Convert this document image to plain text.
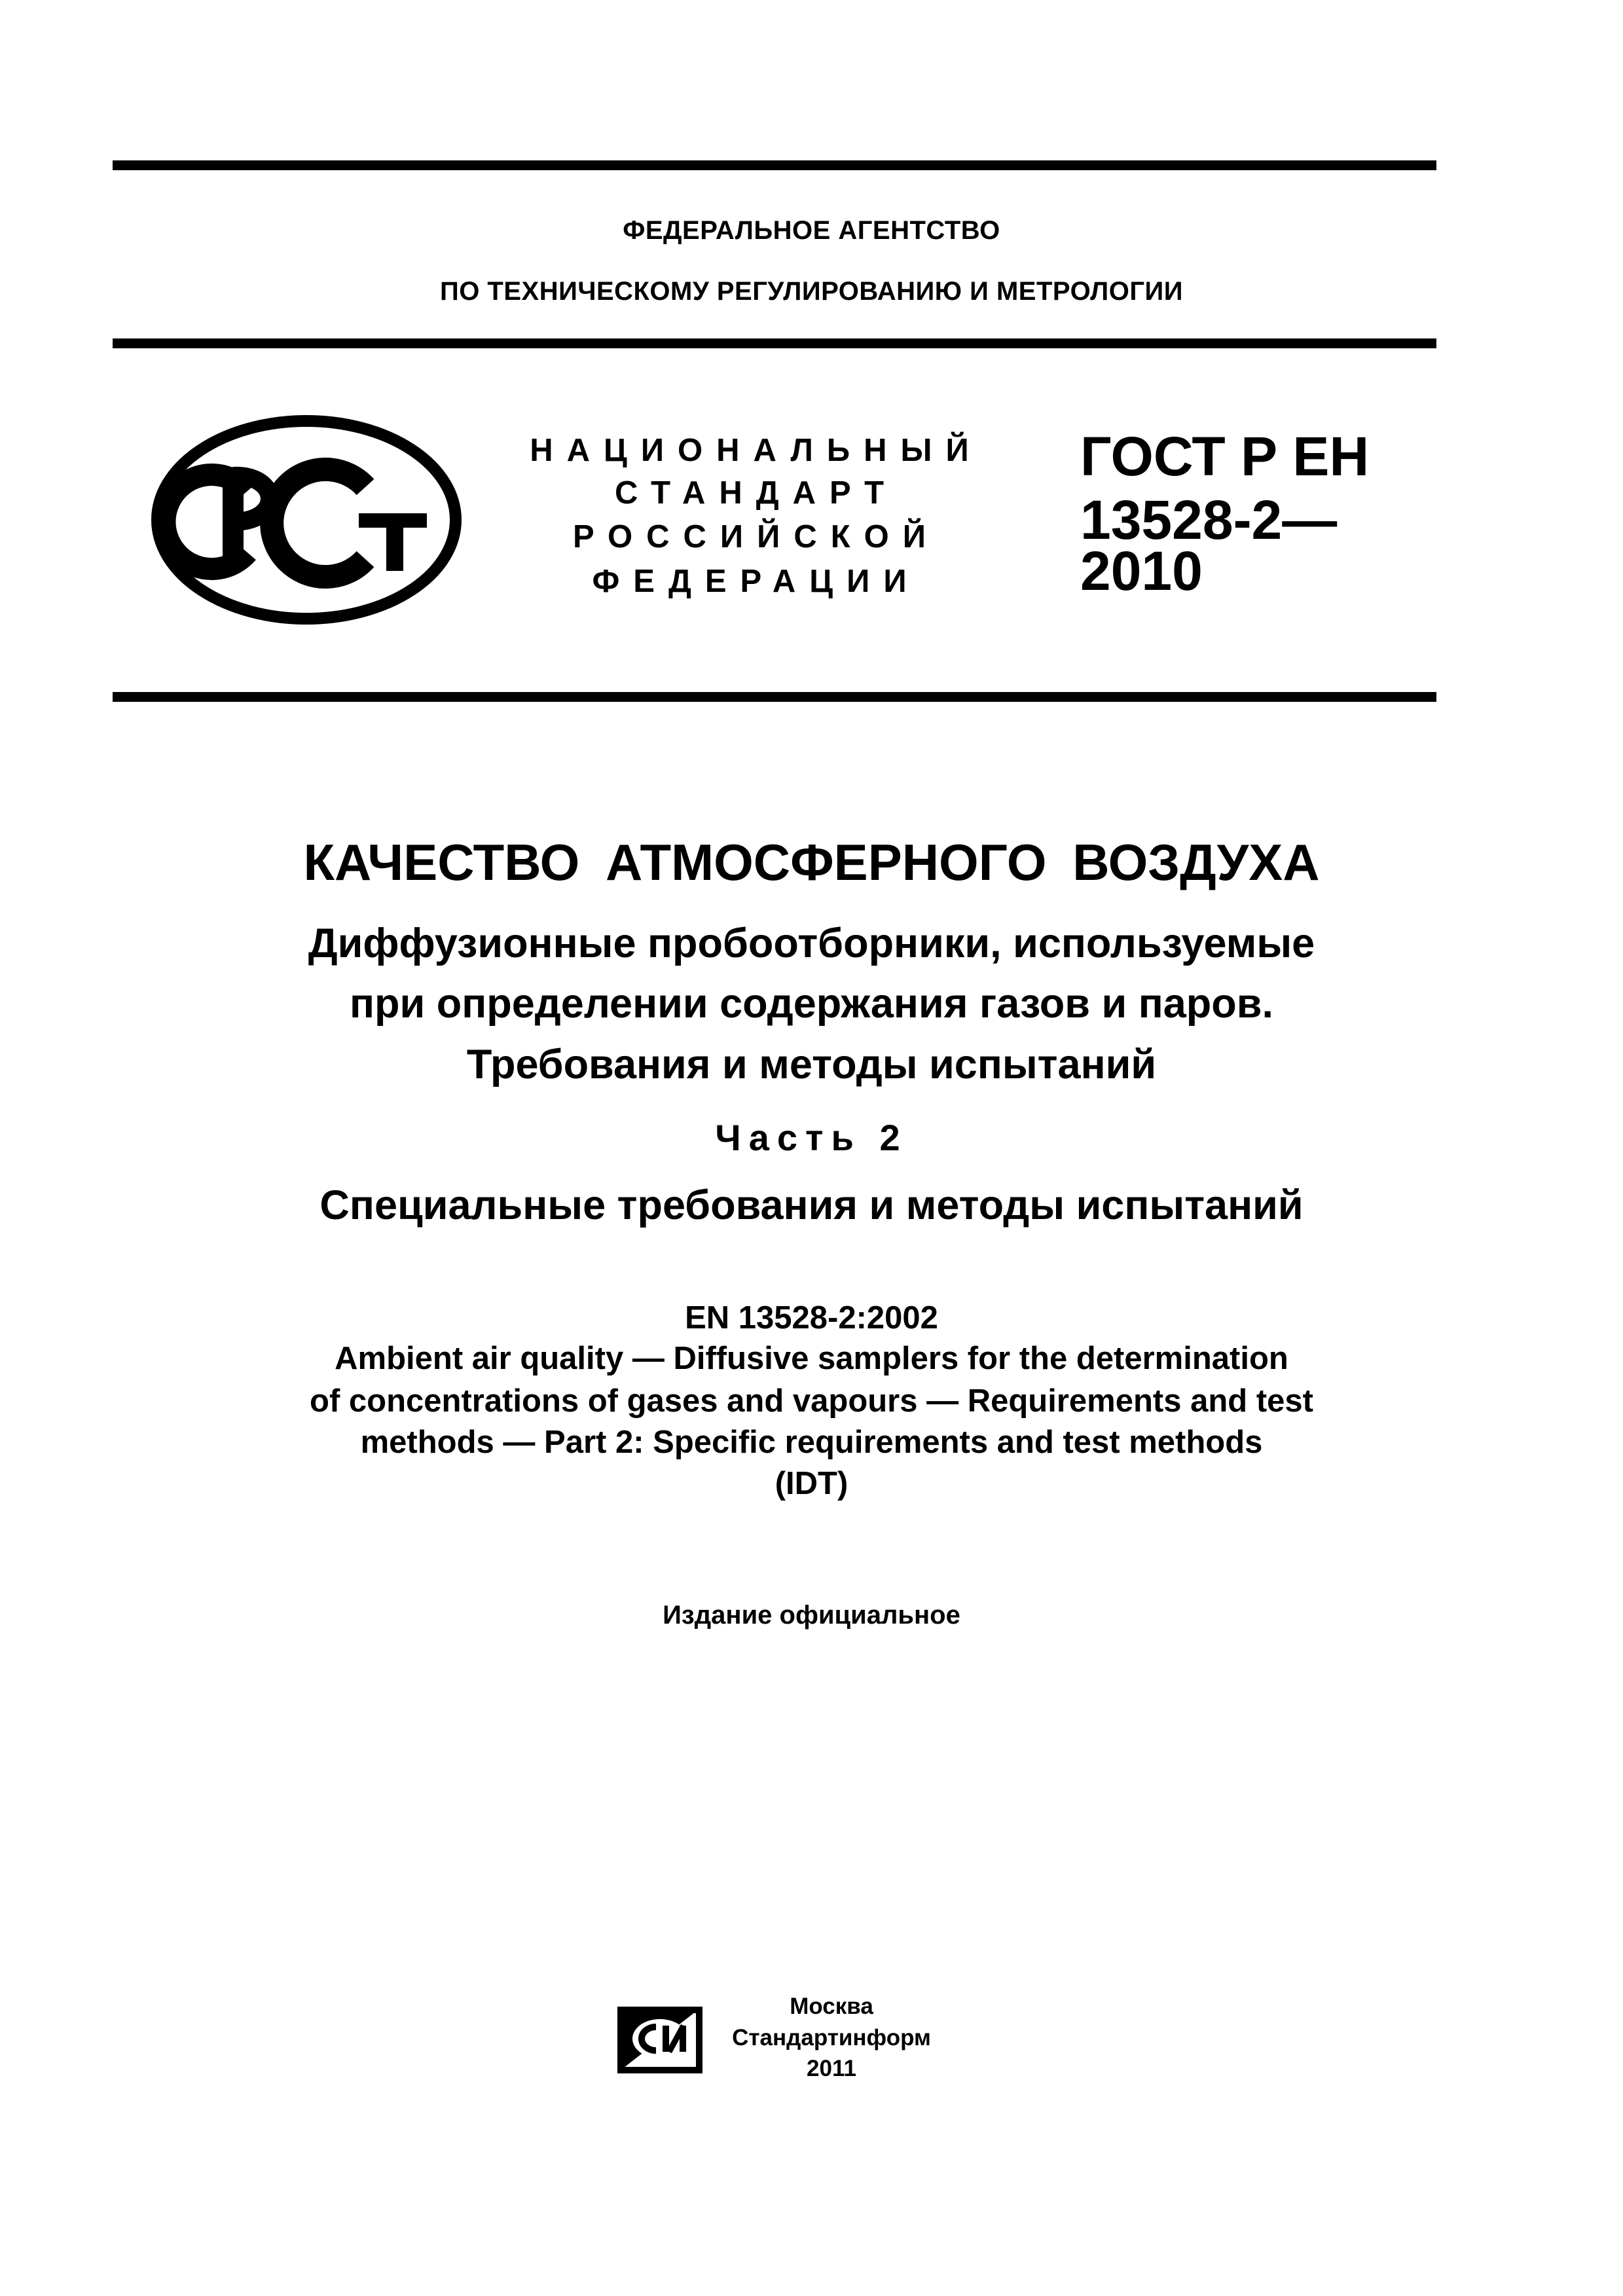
ФЕДЕРАЛЬНОЕ АГЕНТСТВО
ПО ТЕХНИЧЕСКОМУ РЕГУЛИРОВАНИЮ И МЕТРОЛОГИИ
НАЦИОНАЛЬНЫЙ
СТАНДАРТ
РОССИЙСКОЙ
ФЕДЕРАЦИИ
ГОСТ Р ЕН
13528-2—
2010
КАЧЕСТВО АТМОСФЕРНОГО ВОЗДУХА
Диффузионные пробоотборники, используемые
при определении содержания газов и паров.
Требования и методы испытаний
Часть 2
Специальные требования и методы испытаний
EN 13528-2:2002
Ambient air quality — Diffusive samplers for the determination
of concentrations of gases and vapours — Requirements and test
methods — Part 2: Specific requirements and test methods
(IDT)
Издание официальное
Москва
Стандартинформ
2011
